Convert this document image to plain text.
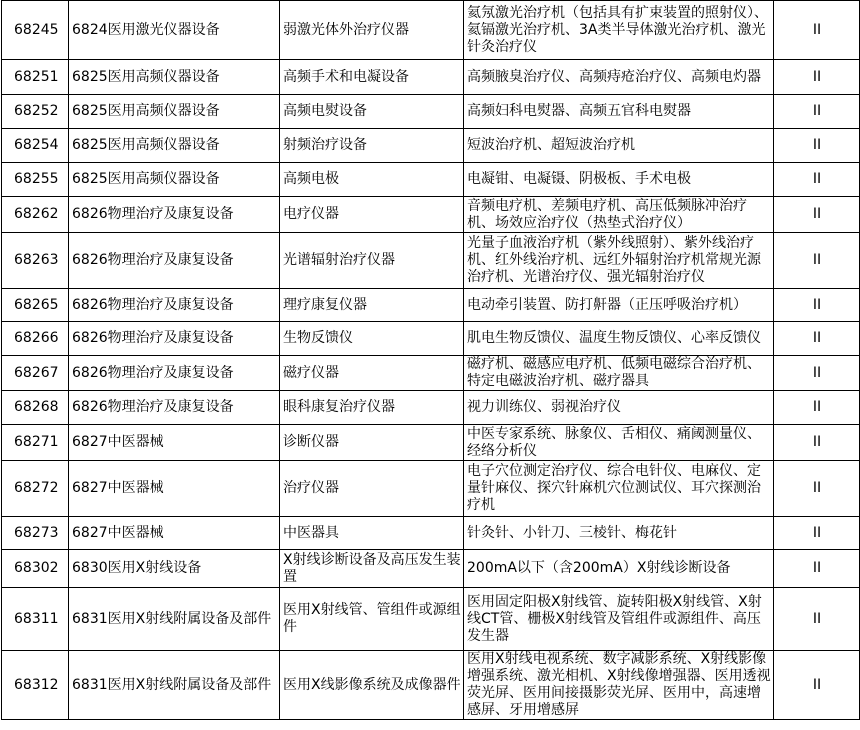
68245	6824医用激光仪器设备	弱激光体外治疗仪器	氦氖激光治疗机（包括具有扩束装置的照射仪）、氦镉激光治疗机、3A类半导体激光治疗机、激光针灸治疗仪	II
68251	6825医用高频仪器设备	高频手术和电凝设备	高频腋臭治疗仪、高频痔疮治疗仪、高频电灼器	II
68252	6825医用高频仪器设备	高频电熨设备	高频妇科电熨器、高频五官科电熨器	II
68254	6825医用高频仪器设备	射频治疗设备	短波治疗机、超短波治疗机	II
68255	6825医用高频仪器设备	高频电极	电凝钳、电凝镊、阴极板、手术电极	II
68262	6826物理治疗及康复设备	电疗仪器	音频电疗机、差频电疗机、高压低频脉冲治疗机、场效应治疗仪（热垫式治疗仪）	II
68263	6826物理治疗及康复设备	光谱辐射治疗仪器	光量子血液治疗机（紫外线照射）、紫外线治疗机、红外线治疗机、远红外辐射治疗机常规光源治疗机、光谱治疗仪、强光辐射治疗仪	II
68265	6826物理治疗及康复设备	理疗康复仪器	电动牵引装置、防打鼾器（正压呼吸治疗机）	II
68266	6826物理治疗及康复设备	生物反馈仪	肌电生物反馈仪、温度生物反馈仪、心率反馈仪	II
68267	6826物理治疗及康复设备	磁疗仪器	磁疗机、磁感应电疗机、低频电磁综合治疗机、特定电磁波治疗机、磁疗器具	II
68268	6826物理治疗及康复设备	眼科康复治疗仪器	视力训练仪、弱视治疗仪	II
68271	6827中医器械	诊断仪器	中医专家系统、脉象仪、舌相仪、痛阈测量仪、经络分析仪	II
68272	6827中医器械	治疗仪器	电子穴位测定治疗仪、综合电针仪、电麻仪、定量针麻仪、探穴针麻机穴位测试仪、耳穴探测治疗机	II
68273	6827中医器械	中医器具	针灸针、小针刀、三棱针、梅花针	II
68302	6830医用X射线设备	X射线诊断设备及高压发生装置	200mA以下（含200mA）X射线诊断设备	II
68311	6831医用X射线附属设备及部件	医用X射线管、管组件或源组件	医用固定阳极X射线管、旋转阳极X射线管、X射线CT管、栅极X射线管及管组件或源组件、高压发生器	II
68312	6831医用X射线附属设备及部件	医用X线影像系统及成像器件	医用X射线电视系统、数字减影系统、X射线影像增强系统、激光相机、X射线像增强器、医用透视荧光屏、医用间接摄影荧光屏、医用中，高速增感屏、牙用增感屏	II
